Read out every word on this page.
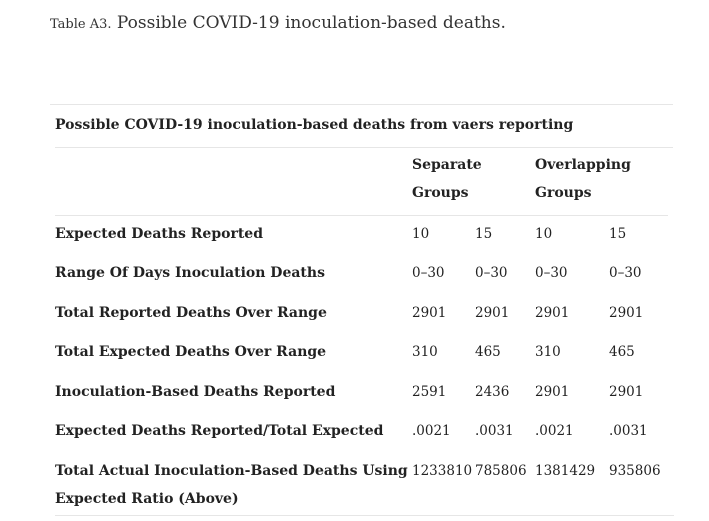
Table A3. Possible COVID-19 inoculation-based deaths.
Possible COVID-19 inoculation-based deaths from vaers reporting
	Separate Groups		Overlapping Groups	
Expected Deaths Reported	10	15	10	15
Range Of Days Inoculation Deaths	0–30	0–30	0–30	0–30
Total Reported Deaths Over Range	2901	2901	2901	2901
Total Expected Deaths Over Range	310	465	310	465
Inoculation-Based Deaths Reported	2591	2436	2901	2901
Expected Deaths Reported/Total Expected	.0021	.0031	.0021	.0031
Total Actual Inoculation-Based Deaths Using Expected Ratio (Above)	1233810	785806	1381429	935806
